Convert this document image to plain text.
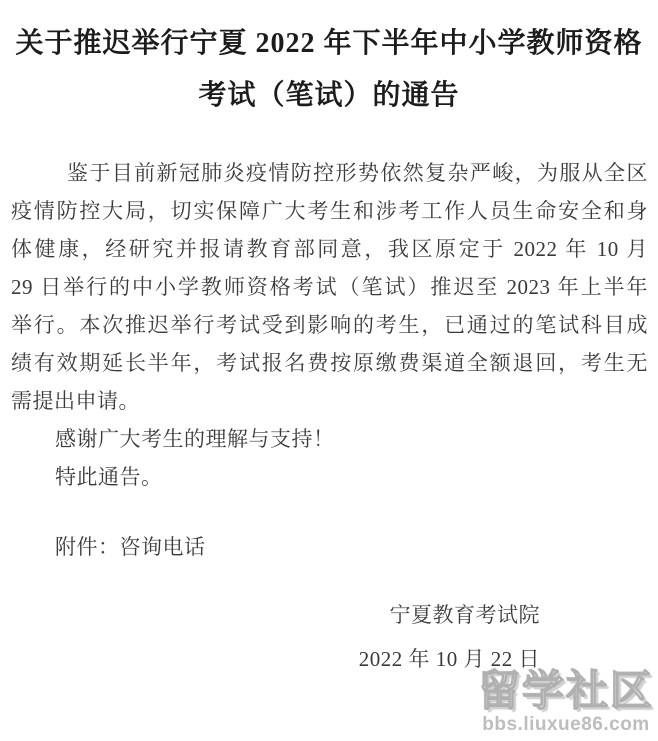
关于推迟举行宁夏 2022 年下半年中小学教师资格
考试（笔试）的通告
鉴于目前新冠肺炎疫情防控形势依然复杂严峻，为服从全区
疫情防控大局，切实保障广大考生和涉考工作人员生命安全和身
体健康，经研究并报请教育部同意，我区原定于 2022 年 10 月
29 日举行的中小学教师资格考试（笔试）推迟至 2023 年上半年
举行。本次推迟举行考试受到影响的考生，已通过的笔试科目成
绩有效期延长半年，考试报名费按原缴费渠道全额退回，考生无
需提出申请。
感谢广大考生的理解与支持！
特此通告。
附件：咨询电话
宁夏教育考试院
2022 年 10 月 22 日
留学社区
bbs.liuxue86.com
